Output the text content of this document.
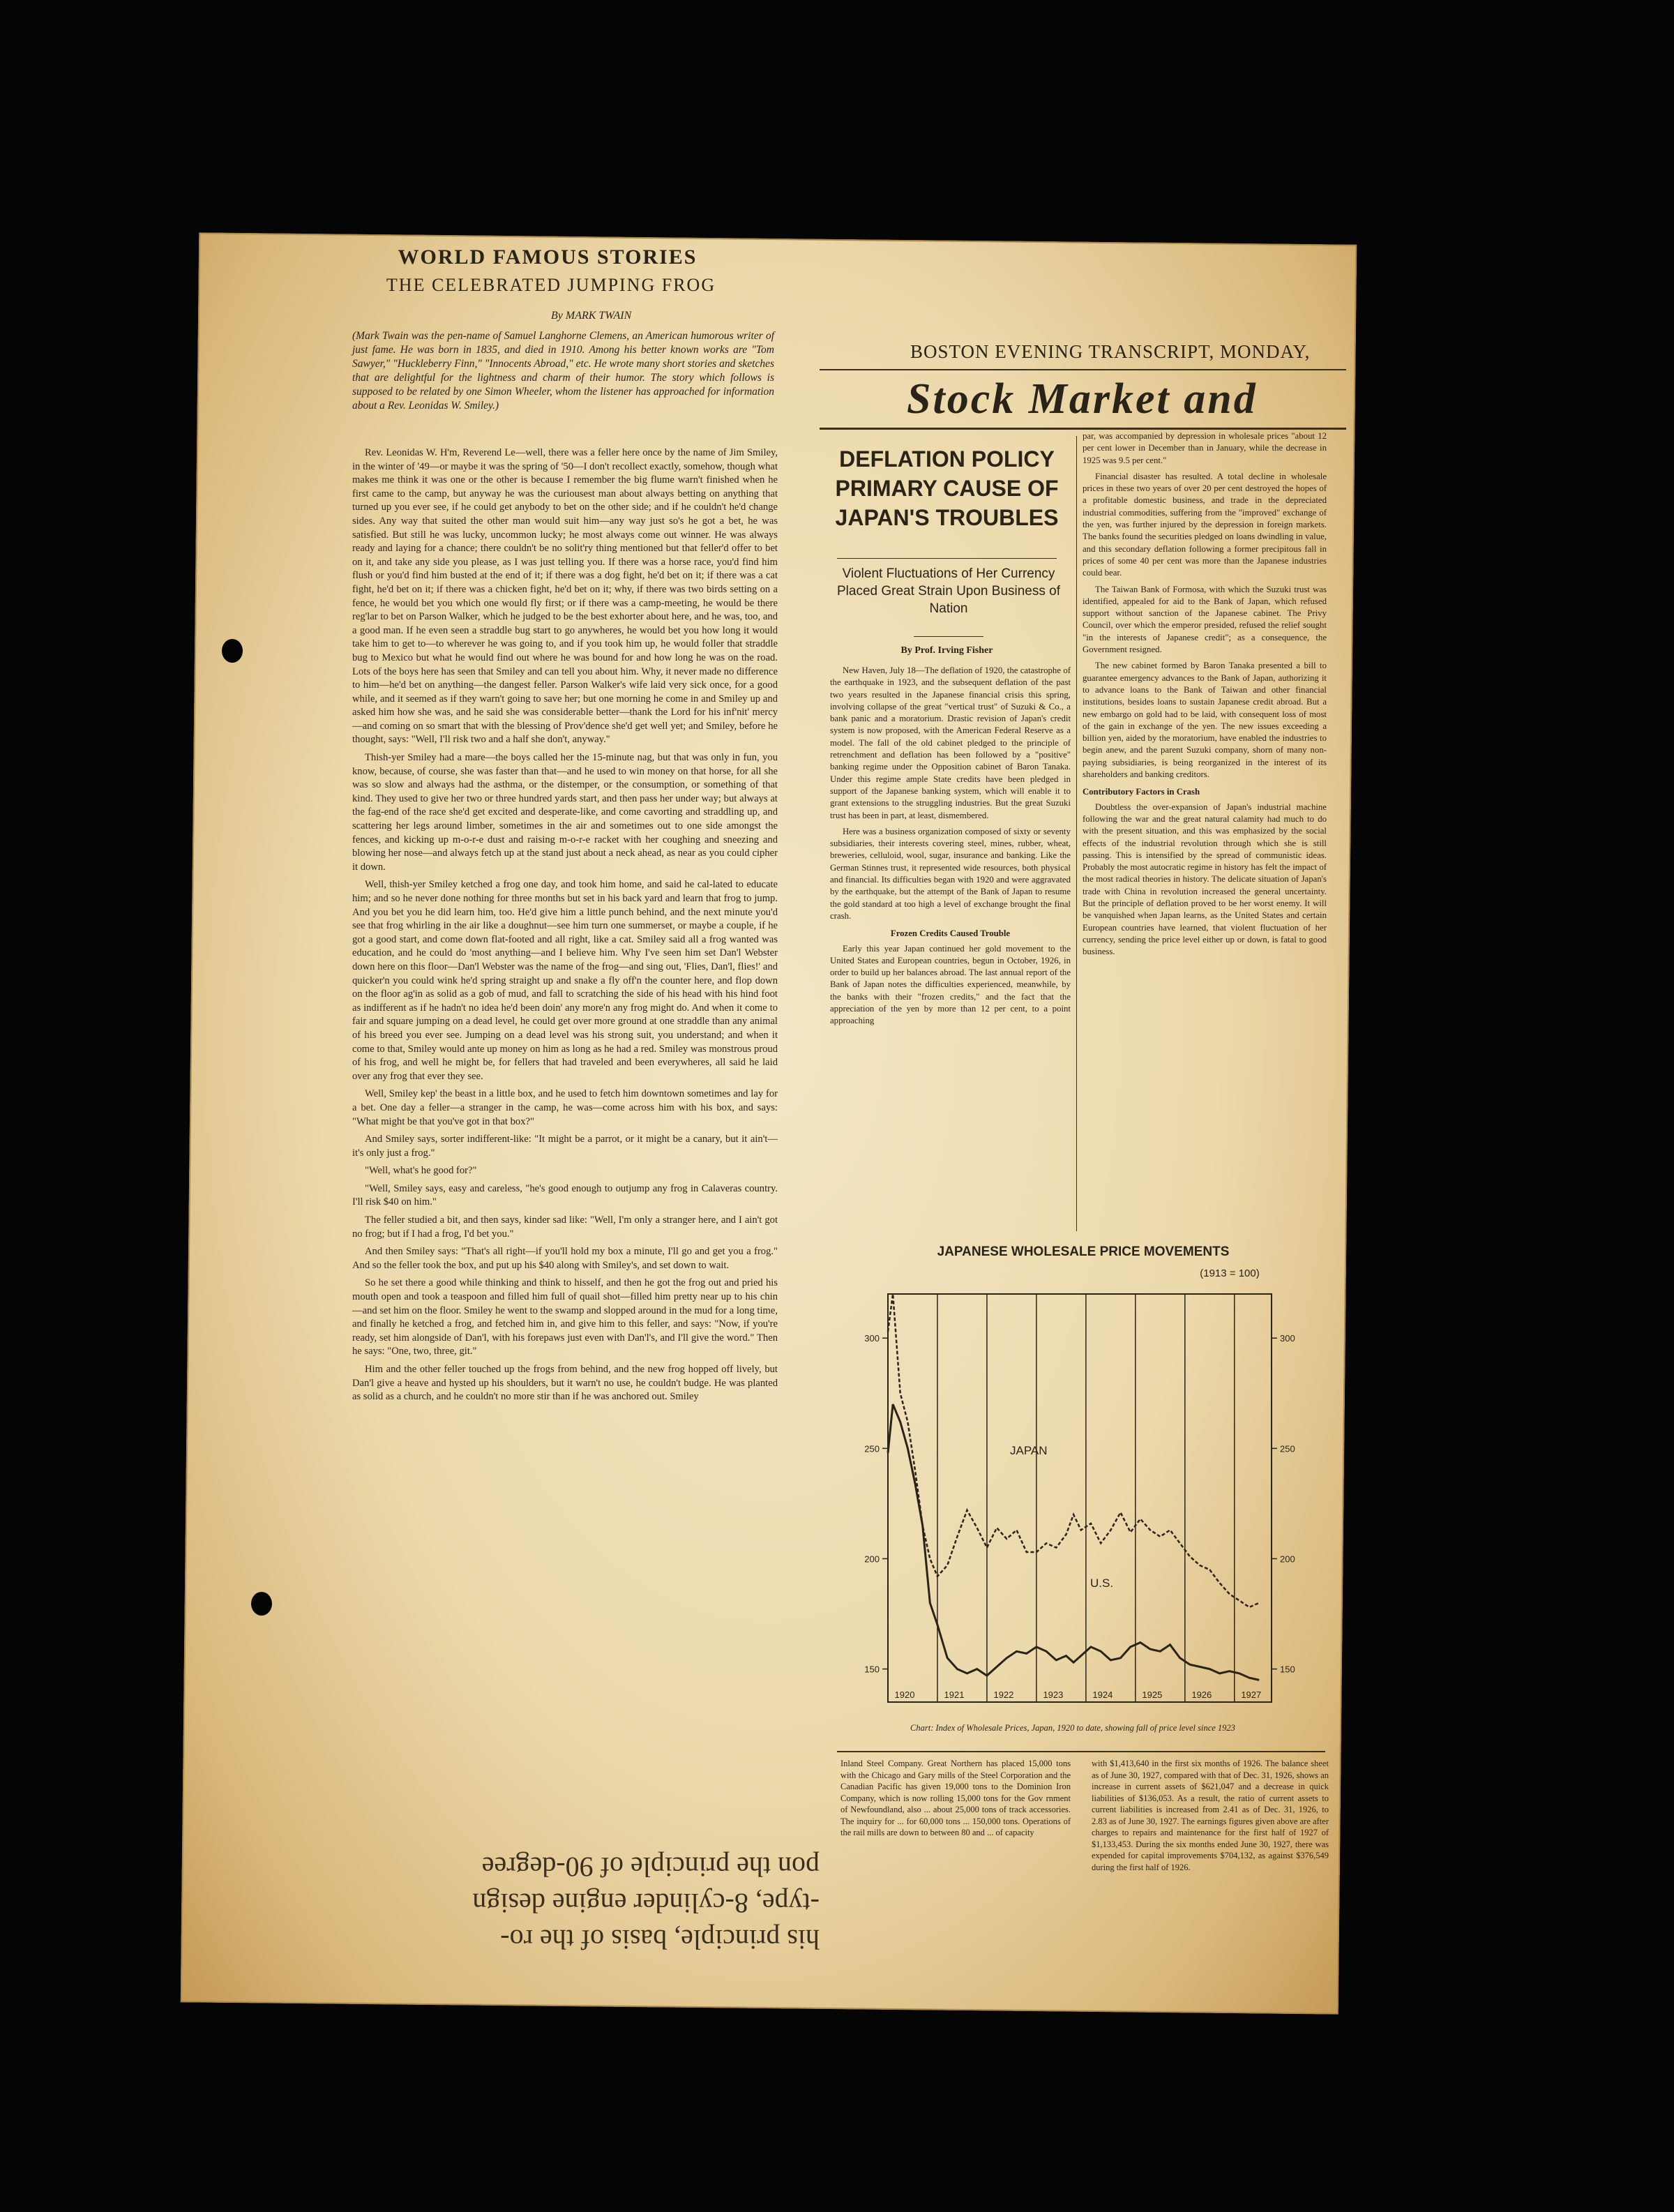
WORLD FAMOUS STORIES
THE CELEBRATED JUMPING FROG
By MARK TWAIN
(Mark Twain was the pen-name of Samuel Langhorne Clemens, an American humorous writer of just fame. He was born in 1835, and died in 1910. Among his better known works are "Tom Sawyer," "Huckleberry Finn," "Innocents Abroad," etc. He wrote many short stories and sketches that are delightful for the lightness and charm of their humor. The story which follows is supposed to be related by one Simon Wheeler, whom the listener has approached for information about a Rev. Leonidas W. Smiley.)

Rev. Leonidas W. H'm, Reverend Le—well, there was a feller here once by the name of Jim Smiley, in the winter of '49—or maybe it was the spring of '50—I don't recollect exactly, somehow, though what makes me think it was one or the other is because I remember the big flume warn't finished when he first came to the camp, but anyway he was the curiousest man about always betting on anything that turned up you ever see, if he could get anybody to bet on the other side; and if he couldn't he'd change sides. Any way that suited the other man would suit him—any way just so's he got a bet, he was satisfied. But still he was lucky, uncommon lucky; he most always come out winner. He was always ready and laying for a chance; there couldn't be no solit'ry thing mentioned but that feller'd offer to bet on it, and take any side you please, as I was just telling you. If there was a horse race, you'd find him flush or you'd find him busted at the end of it; if there was a dog fight, he'd bet on it; if there was a cat fight, he'd bet on it; if there was a chicken fight, he'd bet on it; why, if there was two birds setting on a fence, he would bet you which one would fly first; or if there was a camp-meeting, he would be there reg'lar to bet on Parson Walker, which he judged to be the best exhorter about here, and he was, too, and a good man. If he even seen a straddle bug start to go anywheres, he would bet you how long it would take him to get to—to wherever he was going to, and if you took him up, he would foller that straddle bug to Mexico but what he would find out where he was bound for and how long he was on the road. Lots of the boys here has seen that Smiley and can tell you about him. Why, it never made no difference to him—he'd bet on anything—the dangest feller. Parson Walker's wife laid very sick once, for a good while, and it seemed as if they warn't going to save her; but one morning he come in and Smiley up and asked him how she was, and he said she was considerable better—thank the Lord for his inf'nit' mercy—and coming on so smart that with the blessing of Prov'dence she'd get well yet; and Smiley, before he thought, says: "Well, I'll risk two and a half she don't, anyway."

Thish-yer Smiley had a mare—the boys called her the 15-minute nag, but that was only in fun, you know, because, of course, she was faster than that—and he used to win money on that horse, for all she was so slow and always had the asthma, or the distemper, or the consumption, or something of that kind. They used to give her two or three hundred yards start, and then pass her under way; but always at the fag-end of the race she'd get excited and desperate-like, and come cavorting and straddling up, and scattering her legs around limber, sometimes in the air and sometimes out to one side amongst the fences, and kicking up m-o-r-e dust and raising m-o-r-e racket with her coughing and sneezing and blowing her nose—and always fetch up at the stand just about a neck ahead, as near as you could cipher it down.

Well, thish-yer Smiley ketched a frog one day, and took him home, and said he cal-lated to educate him; and so he never done nothing for three months but set in his back yard and learn that frog to jump. And you bet you he did learn him, too. He'd give him a little punch behind, and the next minute you'd see that frog whirling in the air like a doughnut—see him turn one summerset, or maybe a couple, if he got a good start, and come down flat-footed and all right, like a cat. Smiley said all a frog wanted was education, and he could do 'most anything—and I believe him. Why I've seen him set Dan'l Webster down here on this floor—Dan'l Webster was the name of the frog—and sing out, 'Flies, Dan'l, flies!' and quicker'n you could wink he'd spring straight up and snake a fly off'n the counter here, and flop down on the floor ag'in as solid as a gob of mud, and fall to scratching the side of his head with his hind foot as indifferent as if he hadn't no idea he'd been doin' any more'n any frog might do. And when it come to fair and square jumping on a dead level, he could get over more ground at one straddle than any animal of his breed you ever see. Jumping on a dead level was his strong suit, you understand; and when it come to that, Smiley would ante up money on him as long as he had a red. Smiley was monstrous proud of his frog, and well he might be, for fellers that had traveled and been everywheres, all said he laid over any frog that ever they see.

Well, Smiley kep' the beast in a little box, and he used to fetch him downtown sometimes and lay for a bet. One day a feller—a stranger in the camp, he was—come across him with his box, and says: "What might be that you've got in that box?"

And Smiley says, sorter indifferent-like: "It might be a parrot, or it might be a canary, but it ain't—it's only just a frog."

"Well, what's he good for?"

"Well, Smiley says, easy and careless, "he's good enough to outjump any frog in Calaveras country. I'll risk $40 on him."

The feller studied a bit, and then says, kinder sad like: "Well, I'm only a stranger here, and I ain't got no frog; but if I had a frog, I'd bet you."

And then Smiley says: "That's all right—if you'll hold my box a minute, I'll go and get you a frog." And so the feller took the box, and put up his $40 along with Smiley's, and set down to wait.

So he set there a good while thinking and think to hisself, and then he got the frog out and pried his mouth open and took a teaspoon and filled him full of quail shot—filled him pretty near up to his chin—and set him on the floor. Smiley he went to the swamp and slopped around in the mud for a long time, and finally he ketched a frog, and fetched him in, and give him to this feller, and says: "Now, if you're ready, set him alongside of Dan'l, with his forepaws just even with Dan'l's, and I'll give the word." Then he says: "One, two, three, git."

Him and the other feller touched up the frogs from behind, and the new frog hopped off lively, but Dan'l give a heave and hysted up his shoulders, but it warn't no use, he couldn't budge. He was planted as solid as a church, and he couldn't no more stir than if he was anchored out. Smiley

his principle, basis of the ro-
-type, 8-cylinder engine design
pon the principle of 90-degree
BOSTON EVENING TRANSCRIPT, MONDAY,
Stock Market and
DEFLATION POLICY PRIMARY CAUSE OF JAPAN'S TROUBLES
Violent Fluctuations of Her Currency Placed Great Strain Upon Business of Nation
By Prof. Irving Fisher

New Haven, July 18—The deflation of 1920, the catastrophe of the earthquake in 1923, and the subsequent deflation of the past two years resulted in the Japanese financial crisis this spring, involving collapse of the great "vertical trust" of Suzuki & Co., a bank panic and a moratorium. Drastic revision of Japan's credit system is now proposed, with the American Federal Reserve as a model. The fall of the old cabinet pledged to the principle of retrenchment and deflation has been followed by a "positive" banking regime under the Opposition cabinet of Baron Tanaka. Under this regime ample State credits have been pledged in support of the Japanese banking system, which will enable it to grant extensions to the struggling industries. But the great Suzuki trust has been in part, at least, dismembered.

Here was a business organization composed of sixty or seventy subsidiaries, their interests covering steel, mines, rubber, wheat, breweries, celluloid, wool, sugar, insurance and banking. Like the German Stinnes trust, it represented wide resources, both physical and financial. Its difficulties began with 1920 and were aggravated by the earthquake, but the attempt of the Bank of Japan to resume the gold standard at too high a level of exchange brought the final crash.

Frozen Credits Caused Trouble

Early this year Japan continued her gold movement to the United States and European countries, begun in October, 1926, in order to build up her balances abroad. The last annual report of the Bank of Japan notes the difficulties experienced, meanwhile, by the banks with their "frozen credits," and the fact that the appreciation of the yen by more than 12 per cent, to a point approaching

par, was accompanied by depression in wholesale prices "about 12 per cent lower in December than in January, while the decrease in 1925 was 9.5 per cent."

Financial disaster has resulted. A total decline in wholesale prices in these two years of over 20 per cent destroyed the hopes of a profitable domestic business, and trade in the depreciated industrial commodities, suffering from the "improved" exchange of the yen, was further injured by the depression in foreign markets. The banks found the securities pledged on loans dwindling in value, and this secondary deflation following a former precipitous fall in prices of some 40 per cent was more than the Japanese industries could bear.

The Taiwan Bank of Formosa, with which the Suzuki trust was identified, appealed for aid to the Bank of Japan, which refused support without sanction of the Japanese cabinet. The Privy Council, over which the emperor presided, refused the relief sought "in the interests of Japanese credit"; as a consequence, the Government resigned.

The new cabinet formed by Baron Tanaka presented a bill to guarantee emergency advances to the Bank of Japan, authorizing it to advance loans to the Bank of Taiwan and other financial institutions, besides loans to sustain Japanese credit abroad. But a new embargo on gold had to be laid, with consequent loss of most of the gain in exchange of the yen. The new issues exceeding a billion yen, aided by the moratorium, have enabled the industries to begin anew, and the parent Suzuki company, shorn of many non-paying subsidiaries, is being reorganized in the interest of its shareholders and banking creditors.

Contributory Factors in Crash

Doubtless the over-expansion of Japan's industrial machine following the war and the great natural calamity had much to do with the present situation, and this was emphasized by the social effects of the industrial revolution through which she is still passing. This is intensified by the spread of communistic ideas. Probably the most autocratic regime in history has felt the impact of the most radical theories in history. The delicate situation of Japan's trade with China in revolution increased the general uncertainty. But the principle of deflation proved to be her worst enemy. It will be vanquished when Japan learns, as the United States and certain European countries have learned, that violent fluctuation of her currency, sending the price level either up or down, is fatal to good business.

JAPANESE WHOLESALE PRICE MOVEMENTS
(1913 = 100)
1920	1921	1922	1923	1924	1925	1926	1927
150	150
200	200
250	250
300	300
JAPAN
U.S.
Chart: Index of Wholesale Prices, Japan, 1920 to date, showing fall of price level since 1923
Inland Steel Company. Great Northern has placed 15,000 tons with the Chicago and Gary mills of the Steel Corporation and the Canadian Pacific has given 19,000 tons to the Dominion Iron Company, which is now rolling 15,000 tons for the Gov rnment of Newfoundland, also ... about 25,000 tons of track accessories. The inquiry for ... for 60,000 tons ... 150,000 tons. Operations of the rail mills are down to between 80 and ... of capacity
with $1,413,640 in the first six months of 1926. The balance sheet as of June 30, 1927, compared with that of Dec. 31, 1926, shows an increase in current assets of $621,047 and a decrease in quick liabilities of $136,053. As a result, the ratio of current assets to current liabilities is increased from 2.41 as of Dec. 31, 1926, to 2.83 as of June 30, 1927. The earnings figures given above are after charges to repairs and maintenance for the first half of 1927 of $1,133,453. During the six months ended June 30, 1927, there was expended for capital improvements $704,132, as against $376,549 during the first half of 1926.
